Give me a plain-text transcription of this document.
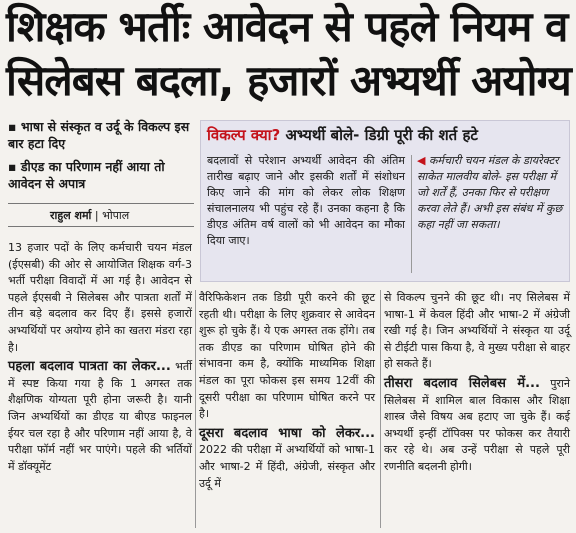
शिक्षक भर्तीः आवेदन से पहले नियम व
सिलेबस बदला, हजारों अभ्यर्थी अयोग्य
▪ भाषा से संस्कृत व उर्दू के विकल्प इस बार हटा दिए
▪ डीएड का परिणाम नहीं आया तो आवेदन से अपात्र
राहुल शर्मा | भोपाल
विकल्प क्या? अभ्यर्थी बोले- डिग्री पूरी की शर्त हटे
बदलावों से परेशान अभ्यर्थी आवेदन की अंतिम तारीख बढ़ाए जाने और इसकी शर्तों में संशोधन किए जाने की मांग को लेकर लोक शिक्षण संचालनालय भी पहुंच रहे हैं। उनका कहना है कि डीएड अंतिम वर्ष वालों को भी आवेदन का मौका दिया जाए।
◀ कर्मचारी चयन मंडल के डायरेक्टर साकेत मालवीय बोले- इस परीक्षा में जो शर्तें हैं, उनका फिर से परीक्षण करवा लेते हैं। अभी इस संबंध में कुछ कहा नहीं जा सकता।

13 हजार पदों के लिए कर्मचारी चयन मंडल (ईएसबी) की ओर से आयोजित शिक्षक वर्ग-3 भर्ती परीक्षा विवादों में आ गई है। आवेदन से पहले ईएसबी ने सिलेबस और पात्रता शर्तों में तीन बड़े बदलाव कर दिए हैं। इससे हजारों अभ्यर्थियों पर अयोग्य होने का खतरा मंडरा रहा है।

पहला बदलाव पात्रता का लेकर... भर्ती में स्पष्ट किया गया है कि 1 अगस्त तक शैक्षणिक योग्यता पूरी होना जरूरी है। यानी जिन अभ्यर्थियों का डीएड या बीएड फाइनल ईयर चल रहा है और परिणाम नहीं आया है, वे परीक्षा फॉर्म नहीं भर पाएंगे। पहले की भर्तियों में डॉक्यूमेंट

वैरिफिकेशन तक डिग्री पूरी करने की छूट रहती थी। परीक्षा के लिए शुक्रवार से आवेदन शुरू हो चुके हैं। ये एक अगस्त तक होंगे। तब तक डीएड का परिणाम घोषित होने की संभावना कम है, क्योंकि माध्यमिक शिक्षा मंडल का पूरा फोकस इस समय 12वीं की दूसरी परीक्षा का परिणाम घोषित करने पर है।

दूसरा बदलाव भाषा को लेकर... 2022 की परीक्षा में अभ्यर्थियों को भाषा-1 और भाषा-2 में हिंदी, अंग्रेजी, संस्कृत और उर्दू में

से विकल्प चुनने की छूट थी। नए सिलेबस में भाषा-1 में केवल हिंदी और भाषा-2 में अंग्रेजी रखी गई है। जिन अभ्यर्थियों ने संस्कृत या उर्दू से टीईटी पास किया है, वे मुख्य परीक्षा से बाहर हो सकते हैं।

तीसरा बदलाव सिलेबस में... पुराने सिलेबस में शामिल बाल विकास और शिक्षा शास्त्र जैसे विषय अब हटाए जा चुके हैं। कई अभ्यर्थी इन्हीं टॉपिक्स पर फोकस कर तैयारी कर रहे थे। अब उन्हें परीक्षा से पहले पूरी रणनीति बदलनी होगी।
